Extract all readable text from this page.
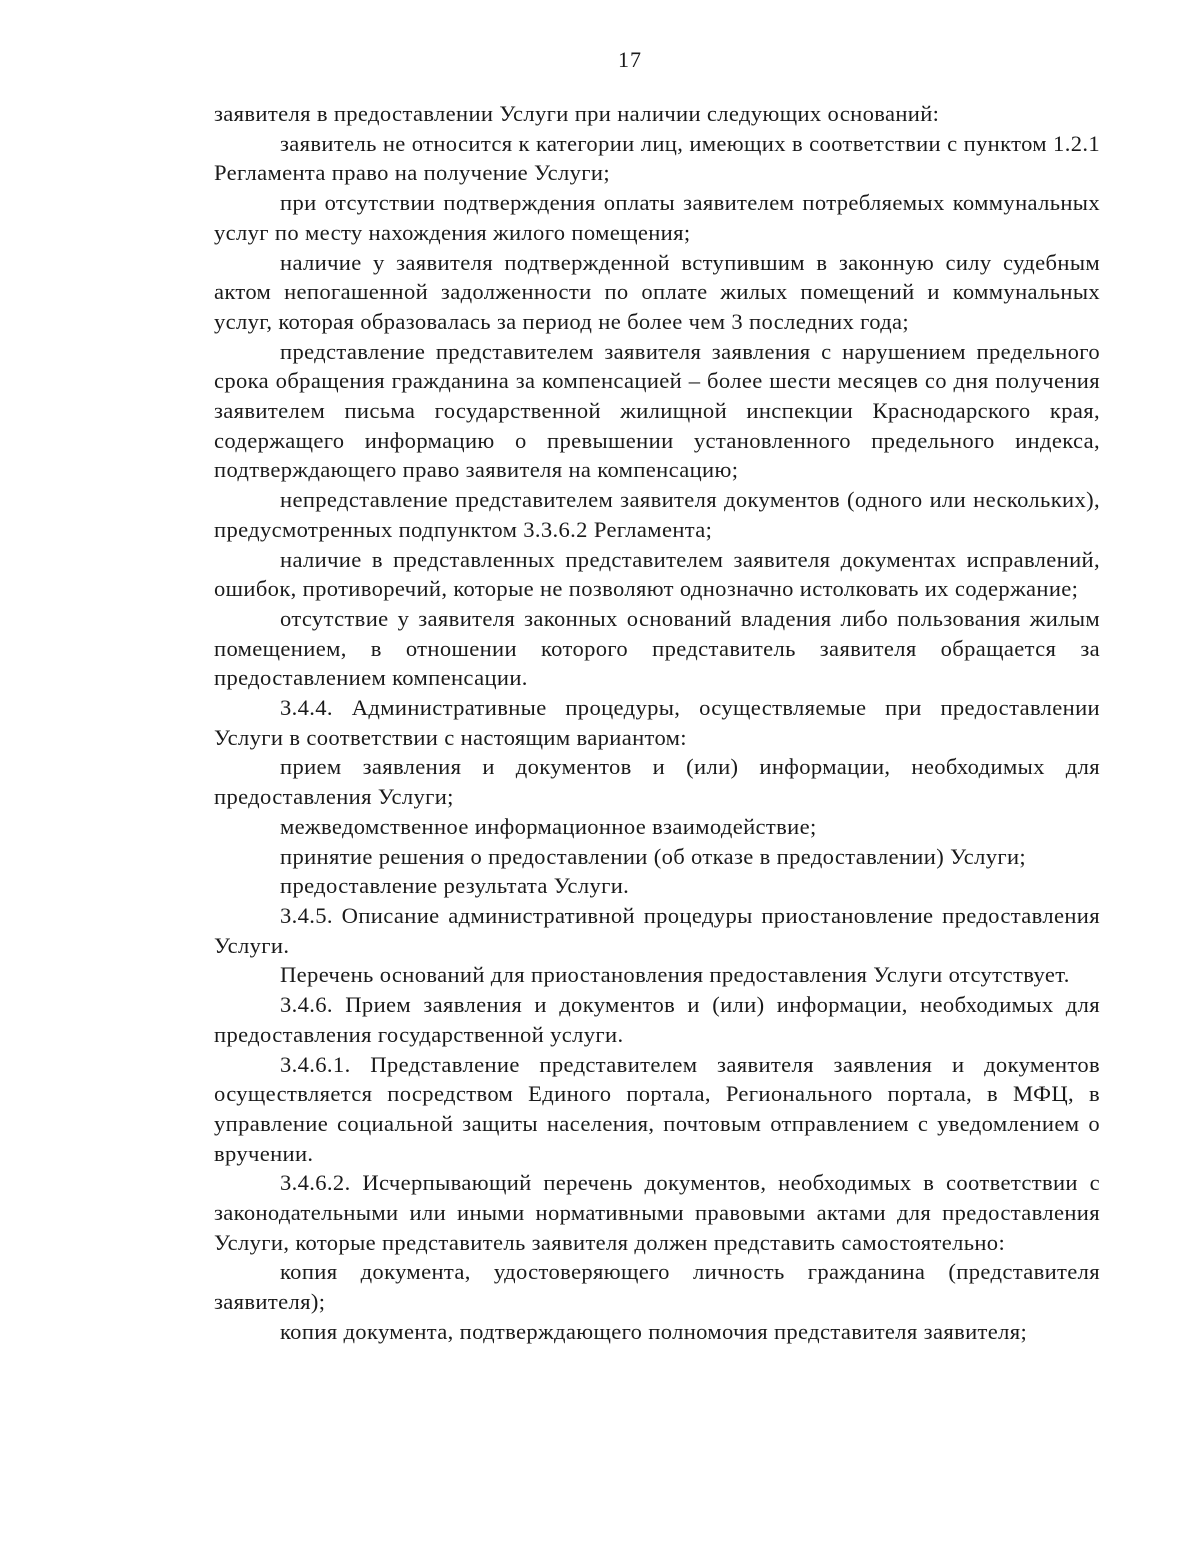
17

заявителя в предоставлении Услуги при наличии следующих оснований:

заявитель не относится к категории лиц, имеющих в соответствии с пунктом 1.2.1 Регламента право на получение Услуги;

при отсутствии подтверждения оплаты заявителем потребляемых коммунальных услуг по месту нахождения жилого помещения;

наличие у заявителя подтвержденной вступившим в законную силу судебным актом непогашенной задолженности по оплате жилых помещений и коммунальных услуг, которая образовалась за период не более чем 3 последних года;

представление представителем заявителя заявления с нарушением предельного срока обращения гражданина за компенсацией – более шести месяцев со дня получения заявителем письма государственной жилищной инспекции Краснодарского края, содержащего информацию о превышении установленного предельного индекса, подтверждающего право заявителя на компенсацию;

непредставление представителем заявителя документов (одного или нескольких), предусмотренных подпунктом 3.3.6.2 Регламента;

наличие в представленных представителем заявителя документах исправлений, ошибок, противоречий, которые не позволяют однозначно истолковать их содержание;

отсутствие у заявителя законных оснований владения либо пользования жилым помещением, в отношении которого представитель заявителя обращается за предоставлением компенсации.

3.4.4. Административные процедуры, осуществляемые при предоставлении Услуги в соответствии с настоящим вариантом:

прием заявления и документов и (или) информации, необходимых для предоставления Услуги;

межведомственное информационное взаимодействие;

принятие решения о предоставлении (об отказе в предоставлении) Услуги;

предоставление результата Услуги.

3.4.5. Описание административной процедуры приостановление предоставления Услуги.

Перечень оснований для приостановления предоставления Услуги отсутствует.

3.4.6. Прием заявления и документов и (или) информации, необходимых для предоставления государственной услуги.

3.4.6.1. Представление представителем заявителя заявления и документов осуществляется посредством Единого портала, Регионального портала, в МФЦ, в управление социальной защиты населения, почтовым отправлением с уведомлением о вручении.

3.4.6.2. Исчерпывающий перечень документов, необходимых в соответствии с законодательными или иными нормативными правовыми актами для предоставления Услуги, которые представитель заявителя должен представить самостоятельно:

копия документа, удостоверяющего личность гражданина (представителя заявителя);

копия документа, подтверждающего полномочия представителя заявителя;
